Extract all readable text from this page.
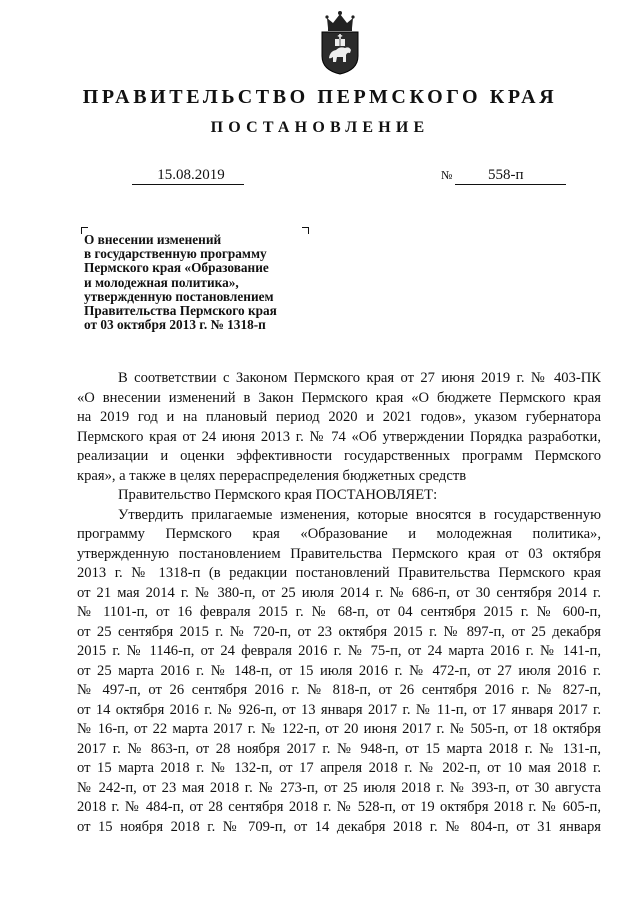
ПРАВИТЕЛЬСТВО ПЕРМСКОГО КРАЯ
ПОСТАНОВЛЕНИЕ
15.08.2019	№	558-п
О внесении изменений
в государственную программу
Пермского края «Образование
и молодежная политика»,
утвержденную постановлением
Правительства Пермского края
от 03 октября 2013 г. № 1318-п
В соответствии с Законом Пермского края от 27 июня 2019 г. № 403-ПК
«О внесении изменений в Закон Пермского края «О бюджете Пермского края
на 2019 год и на плановый период 2020 и 2021 годов», указом губернатора
Пермского края от 24 июня 2013 г. № 74 «Об утверждении Порядка разработки,
реализации и оценки эффективности государственных программ Пермского
края», а также в целях перераспределения бюджетных средств
Правительство Пермского края ПОСТАНОВЛЯЕТ:
Утвердить прилагаемые изменения, которые вносятся в государственную
программу Пермского края «Образование и молодежная политика»,
утвержденную постановлением Правительства Пермского края от 03 октября
2013 г. № 1318-п (в редакции постановлений Правительства Пермского края
от 21 мая 2014 г. № 380-п, от 25 июля 2014 г. № 686-п, от 30 сентября 2014 г.
№ 1101-п, от 16 февраля 2015 г. № 68-п, от 04 сентября 2015 г. № 600-п,
от 25 сентября 2015 г. № 720-п, от 23 октября 2015 г. № 897-п, от 25 декабря
2015 г. № 1146-п, от 24 февраля 2016 г. № 75-п, от 24 марта 2016 г. № 141-п,
от 25 марта 2016 г. № 148-п, от 15 июля 2016 г. № 472-п, от 27 июля 2016 г.
№ 497-п, от 26 сентября 2016 г. № 818-п, от 26 сентября 2016 г. № 827-п,
от 14 октября 2016 г. № 926-п, от 13 января 2017 г. № 11-п, от 17 января 2017 г.
№ 16-п, от 22 марта 2017 г. № 122-п, от 20 июня 2017 г. № 505-п, от 18 октября
2017 г. № 863-п, от 28 ноября 2017 г. № 948-п, от 15 марта 2018 г. № 131-п,
от 15 марта 2018 г. № 132-п, от 17 апреля 2018 г. № 202-п, от 10 мая 2018 г.
№ 242-п, от 23 мая 2018 г. № 273-п, от 25 июля 2018 г. № 393-п, от 30 августа
2018 г. № 484-п, от 28 сентября 2018 г. № 528-п, от 19 октября 2018 г. № 605-п,
от 15 ноября 2018 г. № 709-п, от 14 декабря 2018 г. № 804-п, от 31 января
